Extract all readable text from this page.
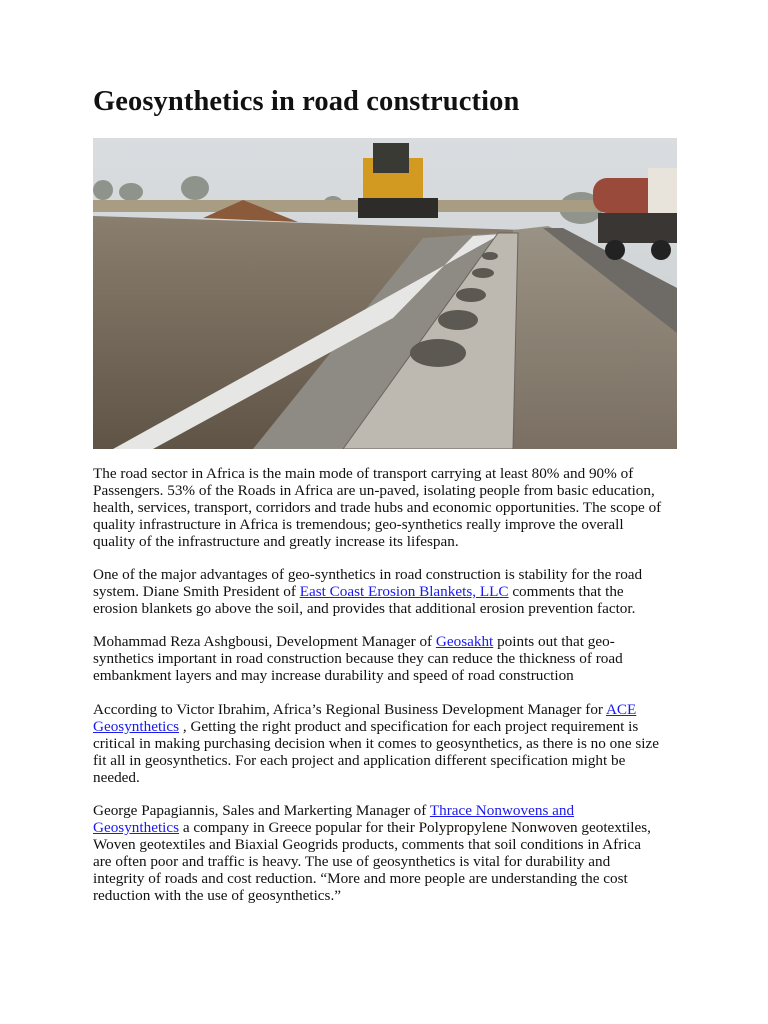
Geosynthetics in road construction
The road sector in Africa is the main mode of transport carrying at least 80% and 90% of
Passengers. 53% of the Roads in Africa are un-paved, isolating people from basic education,
health, services, transport, corridors and trade hubs and economic opportunities. The scope of
quality infrastructure in Africa is tremendous; geo-synthetics really improve the overall
quality of the infrastructure and greatly increase its lifespan.
One of the major advantages of geo-synthetics in road construction is stability for the road
system. Diane Smith President of East Coast Erosion Blankets, LLC comments that the
erosion blankets go above the soil, and provides that additional erosion prevention factor.
Mohammad Reza Ashgbousi, Development Manager of Geosakht points out that geo-
synthetics important in road construction because they can reduce the thickness of road
embankment layers and may increase durability and speed of road construction
According to Victor Ibrahim, Africa’s Regional Business Development Manager for ACE
Geosynthetics , Getting the right product and specification for each project requirement is
critical in making purchasing decision when it comes to geosynthetics, as there is no one size
fit all in geosynthetics. For each project and application different specification might be
needed.
George Papagiannis, Sales and Markerting Manager of Thrace Nonwovens and
Geosynthetics a company in Greece popular for their Polypropylene Nonwoven geotextiles,
Woven geotextiles and Biaxial Geogrids products, comments that soil conditions in Africa
are often poor and traffic is heavy. The use of geosynthetics is vital for durability and
integrity of roads and cost reduction. “More and more people are understanding the cost
reduction with the use of geosynthetics.”
